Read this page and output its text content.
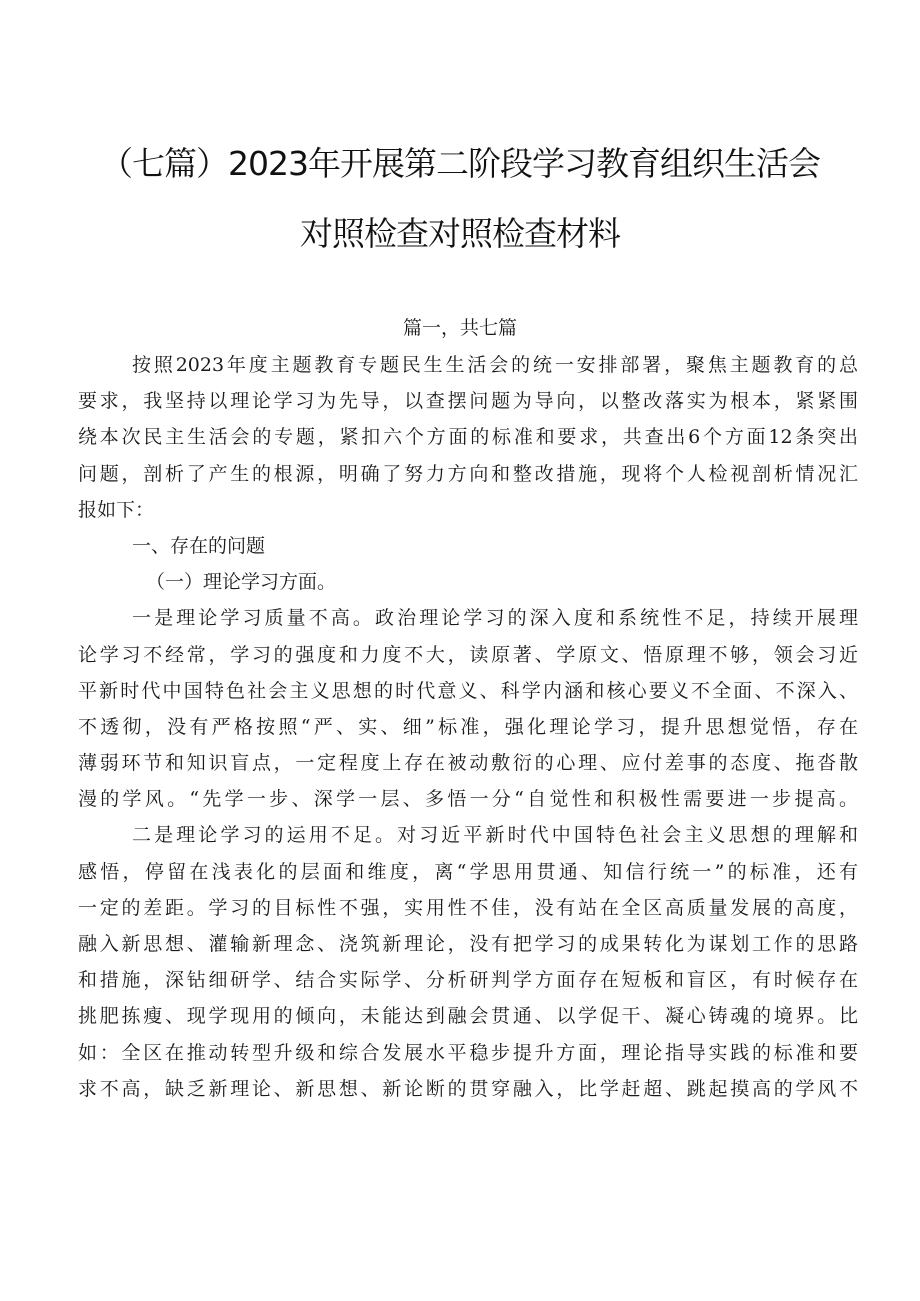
（七篇）2023年开展第二阶段学习教育组织生活会
对照检查对照检查材料
篇一，共七篇
按照2023年度主题教育专题民生生活会的统一安排部署，聚焦主题教育的总
要求，我坚持以理论学习为先导，以查摆问题为导向，以整改落实为根本，紧紧围
绕本次民主生活会的专题，紧扣六个方面的标准和要求，共查出6个方面12条突出
问题，剖析了产生的根源，明确了努力方向和整改措施，现将个人检视剖析情况汇
报如下：
一、存在的问题
（一）理论学习方面。
一是理论学习质量不高。政治理论学习的深入度和系统性不足，持续开展理
论学习不经常，学习的强度和力度不大，读原著、学原文、悟原理不够，领会习近
平新时代中国特色社会主义思想的时代意义、科学内涵和核心要义不全面、不深入、
不透彻，没有严格按照“严、实、细”标准，强化理论学习，提升思想觉悟，存在
薄弱环节和知识盲点，一定程度上存在被动敷衍的心理、应付差事的态度、拖沓散
漫的学风。“先学一步、深学一层、多悟一分“自觉性和积极性需要进一步提高。
二是理论学习的运用不足。对习近平新时代中国特色社会主义思想的理解和
感悟，停留在浅表化的层面和维度，离“学思用贯通、知信行统一”的标准，还有
一定的差距。学习的目标性不强，实用性不佳，没有站在全区高质量发展的高度，
融入新思想、灌输新理念、浇筑新理论，没有把学习的成果转化为谋划工作的思路
和措施，深钻细研学、结合实际学、分析研判学方面存在短板和盲区，有时候存在
挑肥拣瘦、现学现用的倾向，未能达到融会贯通、以学促干、凝心铸魂的境界。比
如：全区在推动转型升级和综合发展水平稳步提升方面，理论指导实践的标准和要
求不高，缺乏新理论、新思想、新论断的贯穿融入，比学赶超、跳起摸高的学风不
